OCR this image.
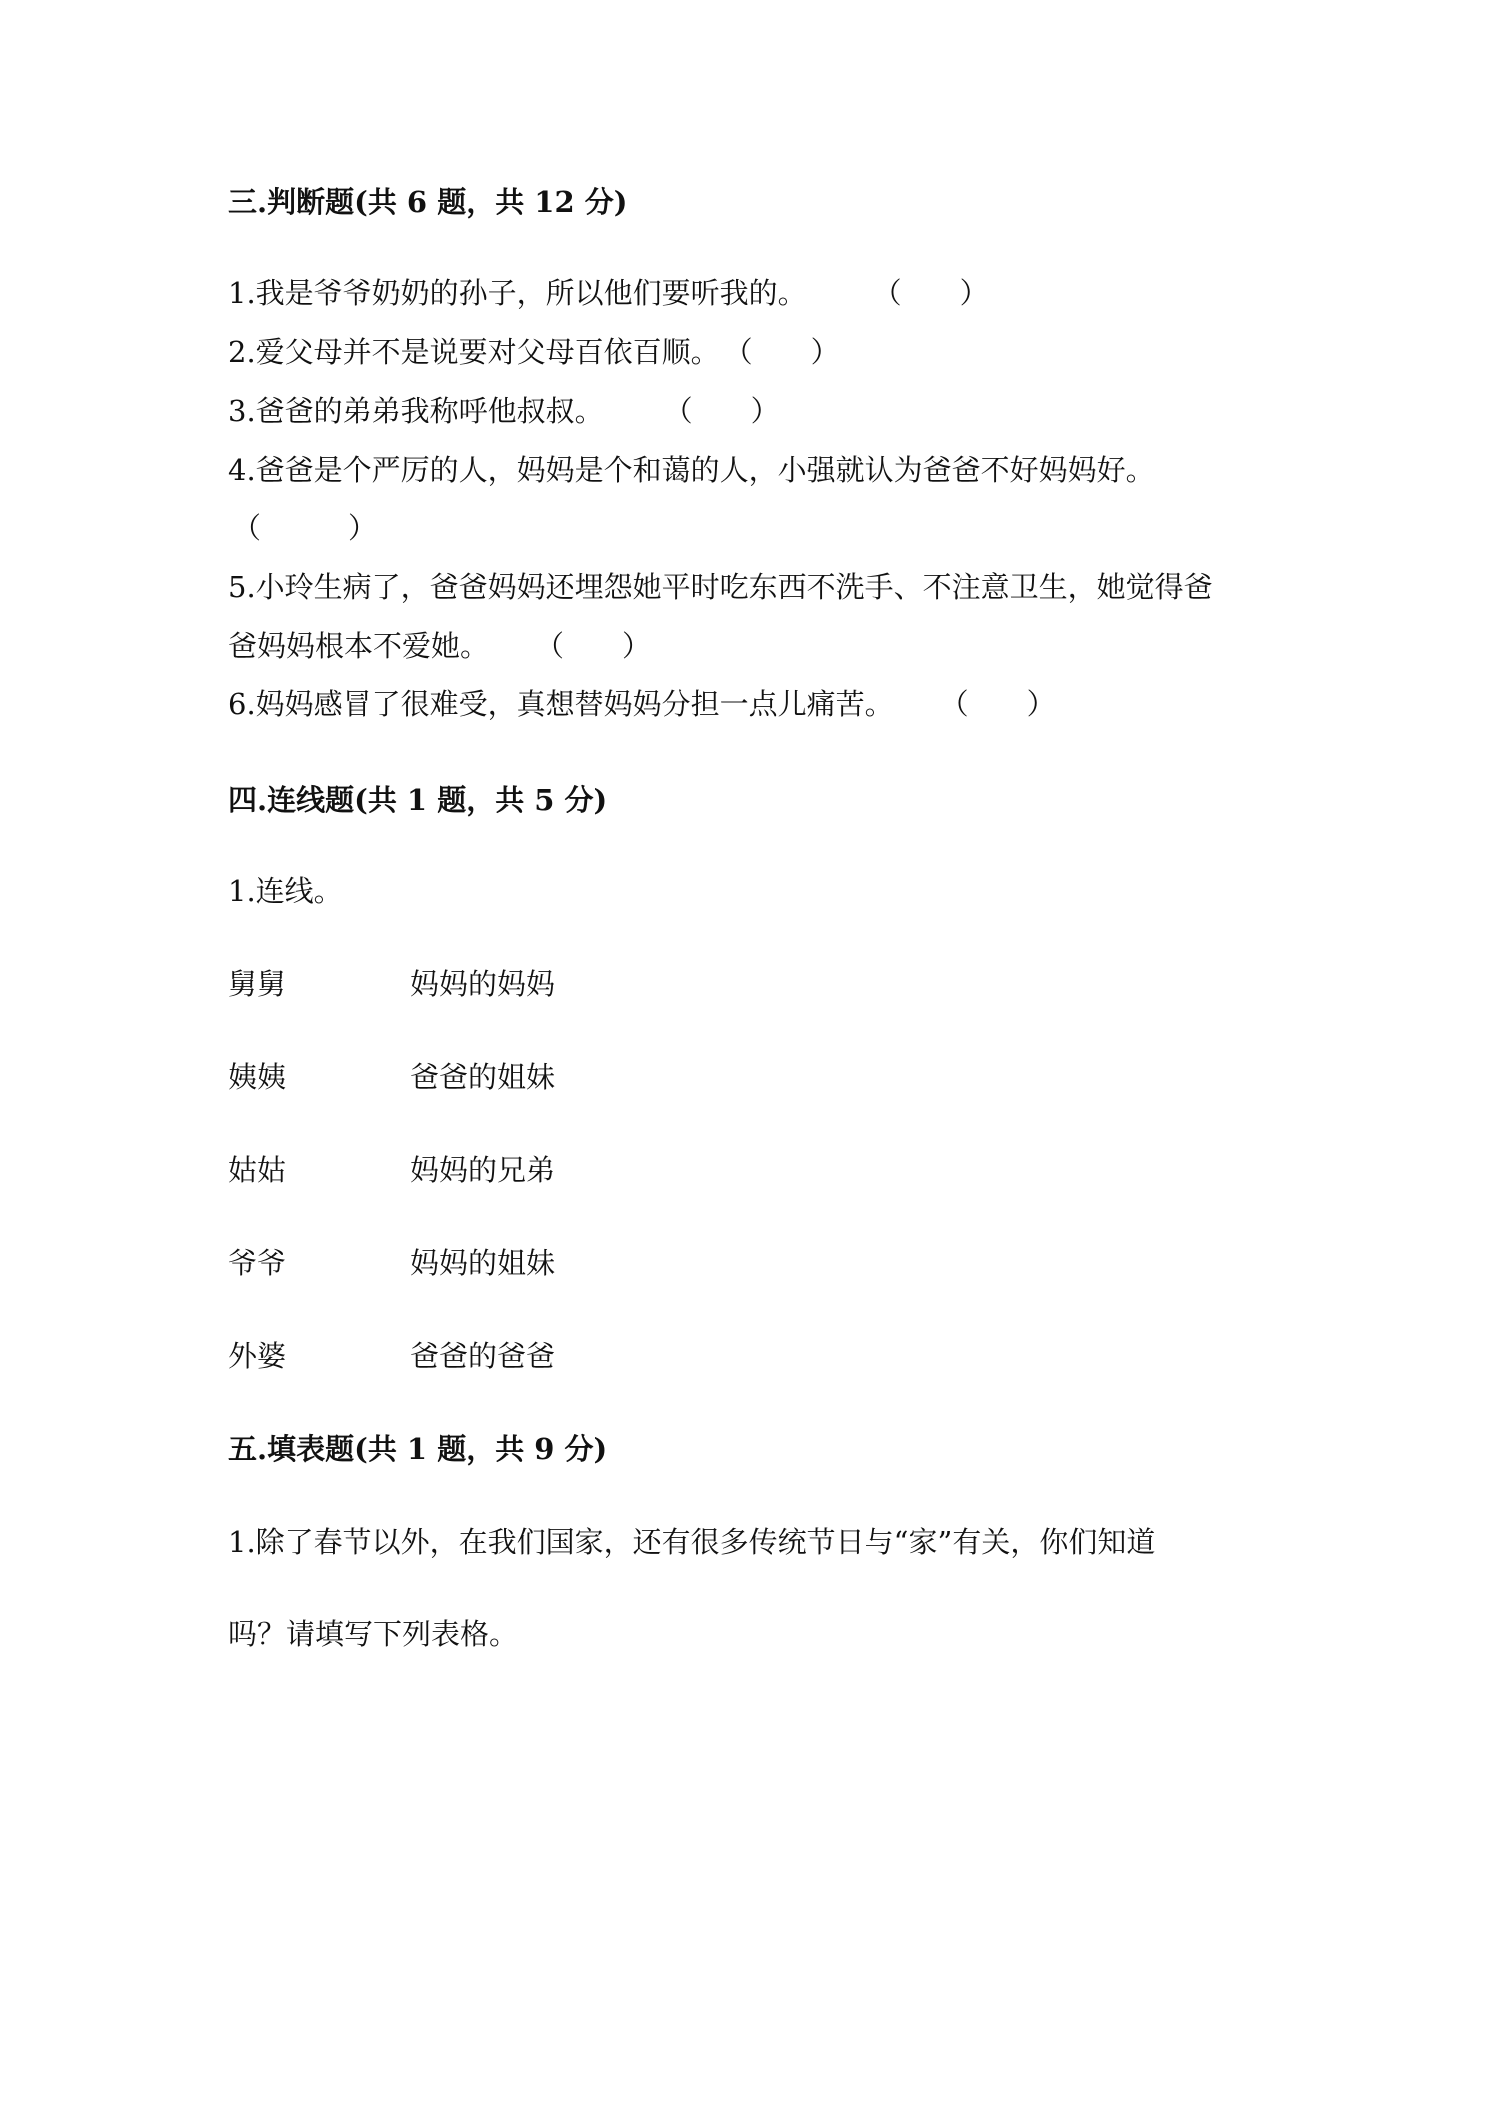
三.判断题(共 6 题，共 12 分)
1.我是爷爷奶奶的孙子，所以他们要听我的。 （　　）
2.爱父母并不是说要对父母百依百顺。 （　　）
3.爸爸的弟弟我称呼他叔叔。 （　　）
4.爸爸是个严厉的人，妈妈是个和蔼的人，小强就认为爸爸不好妈妈好。
（　　　）
5.小玲生病了，爸爸妈妈还埋怨她平时吃东西不洗手、不注意卫生，她觉得爸
爸妈妈根本不爱她。 （　　）
6.妈妈感冒了很难受，真想替妈妈分担一点儿痛苦。 （　　）
四.连线题(共 1 题，共 5 分)
1.连线。
舅舅	妈妈的妈妈
姨姨	爸爸的姐妹
姑姑	妈妈的兄弟
爷爷	妈妈的姐妹
外婆	爸爸的爸爸
五.填表题(共 1 题，共 9 分)
1.除了春节以外，在我们国家，还有很多传统节日与“家”有关，你们知道
吗？请填写下列表格。
